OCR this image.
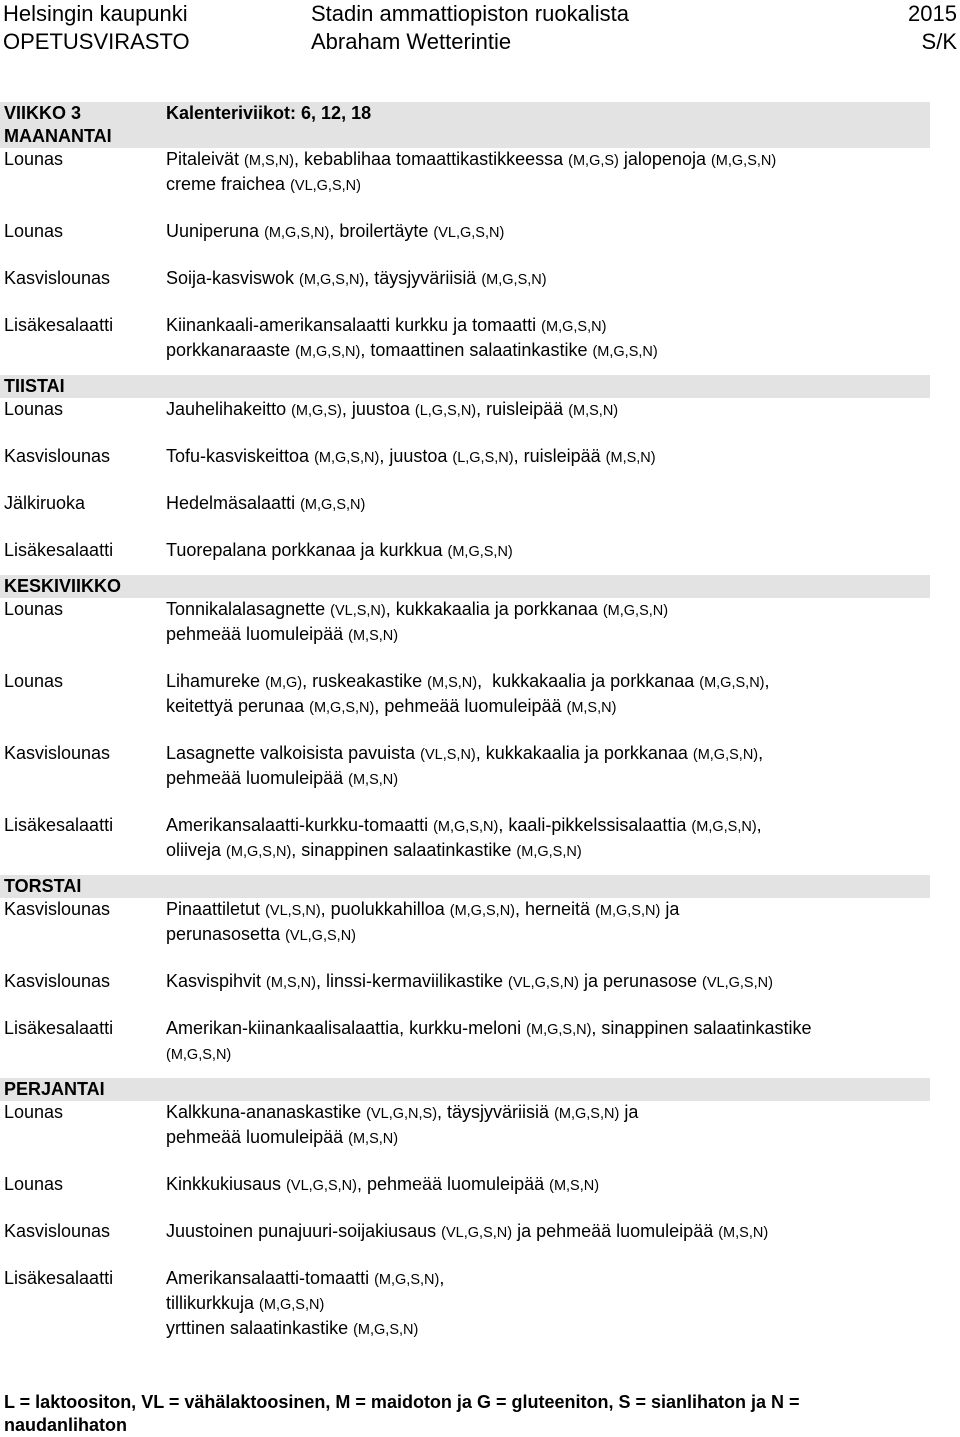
Helsingin kaupunki
OPETUSVIRASTO
Stadin ammattiopiston ruokalista
Abraham Wetterintie
2015
S/K
VIIKKO 3	Kalenteriviikot: 6, 12, 18
MAANANTAI
Lounas	Pitaleivät (M,S,N), kebablihaa tomaattikastikkeessa (M,G,S) jalopenoja (M,G,S,N)
creme fraichea (VL,G,S,N)
Lounas	Uuniperuna (M,G,S,N), broilertäyte (VL,G,S,N)
Kasvislounas	Soija-kasviswok (M,G,S,N), täysjyväriisiä (M,G,S,N)
Lisäkesalaatti	Kiinankaali-amerikansalaatti kurkku ja tomaatti (M,G,S,N)
porkkanaraaste (M,G,S,N), tomaattinen salaatinkastike (M,G,S,N)
TIISTAI
Lounas	Jauhelihakeitto (M,G,S), juustoa (L,G,S,N), ruisleipää (M,S,N)
Kasvislounas	Tofu-kasviskeittoa (M,G,S,N), juustoa (L,G,S,N), ruisleipää (M,S,N)
Jälkiruoka	Hedelmäsalaatti (M,G,S,N)
Lisäkesalaatti	Tuorepalana porkkanaa ja kurkkua (M,G,S,N)
KESKIVIIKKO
Lounas	Tonnikalalasagnette (VL,S,N), kukkakaalia ja porkkanaa (M,G,S,N)
pehmeää luomuleipää (M,S,N)
Lounas	Lihamureke (M,G), ruskeakastike (M,S,N),  kukkakaalia ja porkkanaa (M,G,S,N),
keitettyä perunaa (M,G,S,N), pehmeää luomuleipää (M,S,N)
Kasvislounas	Lasagnette valkoisista pavuista (VL,S,N), kukkakaalia ja porkkanaa (M,G,S,N),
pehmeää luomuleipää (M,S,N)
Lisäkesalaatti	Amerikansalaatti-kurkku-tomaatti (M,G,S,N), kaali-pikkelssisalaattia (M,G,S,N),
oliiveja (M,G,S,N), sinappinen salaatinkastike (M,G,S,N)
TORSTAI
Kasvislounas	Pinaattiletut (VL,S,N), puolukkahilloa (M,G,S,N), herneitä (M,G,S,N) ja
perunasosetta (VL,G,S,N)
Kasvislounas	Kasvispihvit (M,S,N), linssi-kermaviilikastike (VL,G,S,N) ja perunasose (VL,G,S,N)
Lisäkesalaatti	Amerikan-kiinankaalisalaattia, kurkku-meloni (M,G,S,N), sinappinen salaatinkastike
(M,G,S,N)
PERJANTAI
Lounas	Kalkkuna-ananaskastike (VL,G,N,S), täysjyväriisiä (M,G,S,N) ja
pehmeää luomuleipää (M,S,N)
Lounas	Kinkkukiusaus (VL,G,S,N), pehmeää luomuleipää (M,S,N)
Kasvislounas	Juustoinen punajuuri-soijakiusaus (VL,G,S,N) ja pehmeää luomuleipää (M,S,N)
Lisäkesalaatti	Amerikansalaatti-tomaatti (M,G,S,N),
tillikurkkuja (M,G,S,N)
yrttinen salaatinkastike (M,G,S,N)
L = laktoositon, VL = vähälaktoosinen, M = maidoton ja G = gluteeniton, S = sianlihaton ja N =
naudanlihaton
